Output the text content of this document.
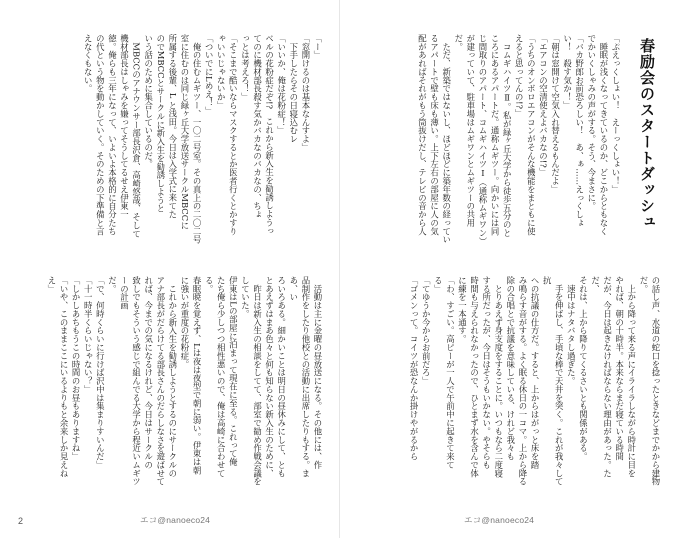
「ー」
「窓開けるのは基本なんすよ」
　下手したらその日寝込むレ
「いいか、俺は花粉症！」
ベルの花粉症だぞ!?　これから新入生を勧誘しようっ
てのに機材部長殺す気かバカなのバカなの、ちょ
っとは考えろ！」
「そこまで酷いならマスクするとか医者行くとかすり
ゃいいじゃないか」
「ついでにLめえ！」
　俺の住むムギツー、一〇二号室。その真上の二〇二号
室に住むのは同じ緑ヶ丘大学放送サークルMBCCに
所属する後輩、L と浅田。今日は入学式に来てた
のでMBCCとサークルに新入生を勧誘しようと
いう話のために集合しているのだ。
　MBCCのアナウンサー部長沢倉、高崎悠哉、そして
機材部長はしゃみを嫌ってそうしてるせえ伊東一
徳。俺らも三年になって、いよいよ本格的に自分たち
の代という物を動かしていく。そのための下準備と言
えなくもない。

　活動は主に金曜の昼放送になる。その他には、作
品制作をしたり他校との活動に出席したりもする。まあ、い
ろいろある。細かいことは明日の昼休みにして、とも
とあえずはまあ色々と何も知らない新入生のために、
　昨日は新入生の相談をしてて、部室で勧め作戦会議をしていた。
伊東はLの部屋に泊まって現在に至る。これって俺
たち俺ら少しつつ相性悪いので、俺は高崎に合わせてる。
春眠暁を覚えず、Lは夜は夜型で朝に弱い。伊東は朝
に強いが重度の花粉症。
　これから新入生を勧誘しようとするのにサークルの
アナ部長がだらけてる部長さんのだらしなさを遊ばせて
れば、今までの気になるけれど、今日はサークルの
致しでもそういう感じで組んでる大学から程近いムギツーの計画
だ。
「で、何時くらいに行けば沢中は集まりすいんだ」
「十一時半くらいじゃない？」
「しかしあちもうこの時間のお昼もありますね」
「いや、このままここにいるよりもと余来しか見えね
え」

2	エコ@nanoeco24
春励会のスタートダッシュ

「ぷえっくしょい！　えーっくしょい！」
　睡眠が浅くなってきているのか、どこからともなく
でかいくしゃみの声がする。そう、今まさに。
「バカ野郎お前恐ろしい！　あ、ぁ……えっくしょ
い！　殺す気か！」
「朝は窓開けて空気入れ替えるもんだよ」
「エアコンの空清使えよバカなの!?」
「うちのオンボロエアコンがそんな機能をまともに使
えると思ってんの!?」
　コムギハイツⅡ。私が緑ヶ丘大学から徒歩五分のと
ころにあるアパートだ。通称ムギツー。向かいには同
じ間取りのアパート、コムギハイツⅠ（通称ムギワン）
が建っていて、駐車場はムギワンとムギツーの共用
だ。
　ただ、新築ではないし、ほどほどに築年数の経ってい
るアパートで壁も床も薄い。上下左右の部屋に人の気
配があればそれがもう筒抜けだし、テレビの音から人

の話し声、水道の蛇口を捻ったときなどまでかから建物だ。
　上から降って来る声にイライラしながら時計に目を
やれば、朝の十時半。本来ならまだ寝ている時間
だが、今日は起きなければならない理由があった。ただ、
それは、上から降りてくるさいとも関係がある。
　速中はナタバタし過ぎた。
　手を伸ばし、手頃な棒で天井を突く。これが我々して抗
への抗議の仕方だ。すると、上からはがっと床を踏
み鳴らす音がする。よく眠る休日の一コマ。上から降る
除の合唱とで抗議を意味している、けれど我々も
　とりあえず身支度をすることに。いつもなら二度寝
する所だったが、今日はそうもいかない。やそらも
時間も与えられなかったので、ひとまず水を含んで体
に練を一本通す。
「わ、すごい。高ピーが一人で午前中に起きて来て
る」
「てゆうか今からお前だろ」
「ゴメンって。コイツが恐なんか掛けやがるから

エコ@nanoeco24
